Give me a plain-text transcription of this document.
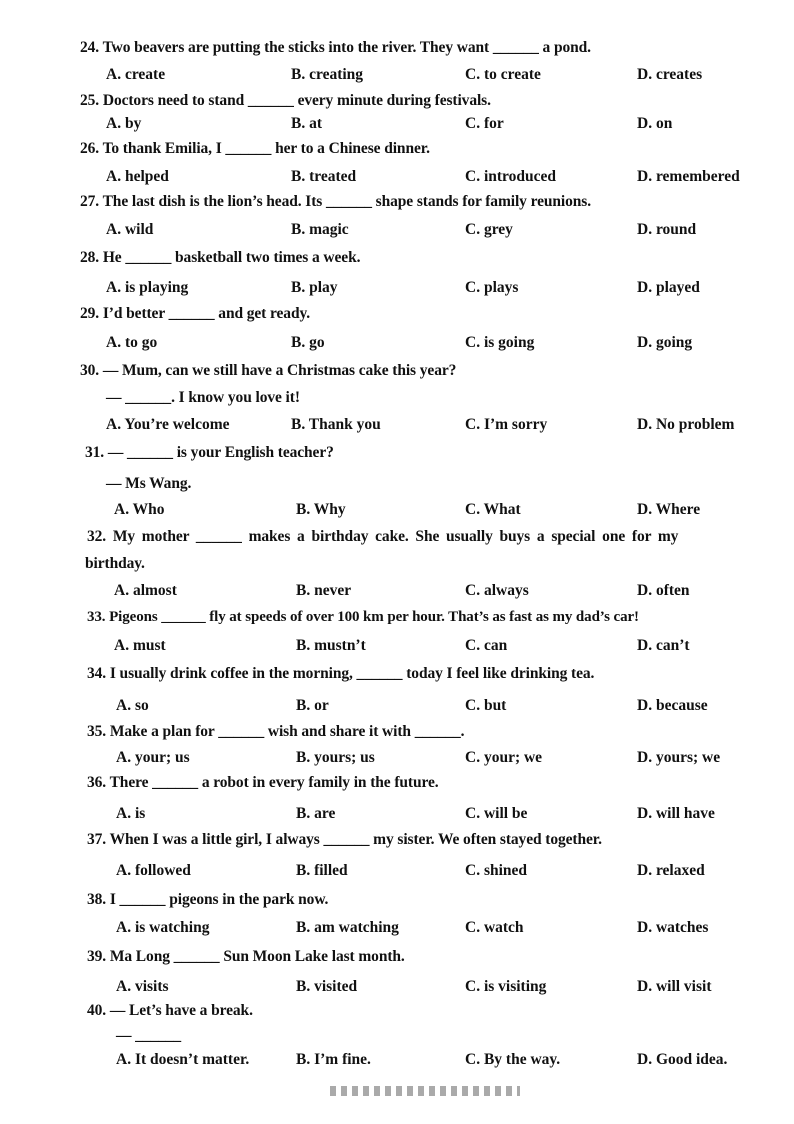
24. Two beavers are putting the sticks into the river. They want ______ a pond.
A. create	B. creating	C. to create	D. creates
25. Doctors need to stand ______ every minute during festivals.
A. by	B. at	C. for	D. on
26. To thank Emilia, I ______ her to a Chinese dinner.
A. helped	B. treated	C. introduced	D. remembered
27. The last dish is the lion’s head. Its ______ shape stands for family reunions.
A. wild	B. magic	C. grey	D. round
28. He ______ basketball two times a week.
A. is playing	B. play	C. plays	D. played
29. I’d better ______ and get ready.
A. to go	B. go	C. is going	D. going
30. — Mum, can we still have a Christmas cake this year?
— ______. I know you love it!
A. You’re welcome	B. Thank you	C. I’m sorry	D. No problem
31. — ______ is your English teacher?
— Ms Wang.
A. Who	B. Why	C. What	D. Where
32. My mother ______ makes a birthday cake. She usually buys a special one for my
birthday.
A. almost	B. never	C. always	D. often
33. Pigeons ______ fly at speeds of over 100 km per hour. That’s as fast as my dad’s car!
A. must	B. mustn’t	C. can	D. can’t
34. I usually drink coffee in the morning, ______ today I feel like drinking tea.
A. so	B. or	C. but	D. because
35. Make a plan for ______ wish and share it with ______.
A. your; us	B. yours; us	C. your; we	D. yours; we
36. There ______ a robot in every family in the future.
A. is	B. are	C. will be	D. will have
37. When I was a little girl, I always ______ my sister. We often stayed together.
A. followed	B. filled	C. shined	D. relaxed
38. I ______ pigeons in the park now.
A. is watching	B. am watching	C. watch	D. watches
39. Ma Long ______ Sun Moon Lake last month.
A. visits	B. visited	C. is visiting	D. will visit
40. — Let’s have a break.
— ______
A. It doesn’t matter.	B. I’m fine.	C. By the way.	D. Good idea.
